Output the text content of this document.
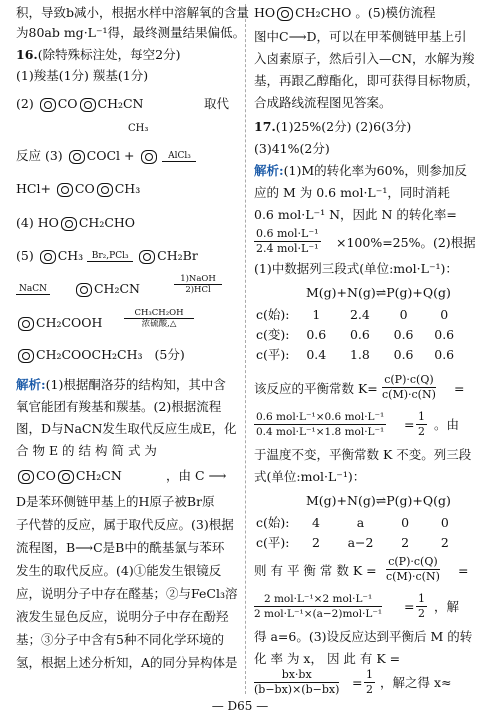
积，导致b减小，根据水样中溶解氧的含量
为80ab mg·L⁻¹得，最终测量结果偏低。
16.(除特殊标注处，每空2分)
(1)羧基(1分) 羰基(1分)
(2) CO CH₂CN	取代
CH₃
反应 (3) COCl +	AlCl₃
HCl+ CO CH₃
(4) HO CH₂CHO
(5) CH₃ Br₂,PCl₃ CH₂Br
NaCN	CH₂CN
1)NaOH
2)HCl
CH₂COOH
CH₃CH₂OH
浓硫酸,△
CH₂COOCH₂CH₃ (5分)
解析:(1)根据酮洛芬的结构知，其中含
氧官能团有羧基和羰基。(2)根据流程
图，D与NaCN发生取代反应生成E，化
合 物 E 的 结 构 简 式 为
CO CH₂CN	，由 C ⟶
D是苯环侧链甲基上的H原子被Br原
子代替的反应，属于取代反应。(3)根据
流程图，B⟶C是B中的酰基氯与苯环
发生的取代反应。(4)①能发生银镜反
应，说明分子中存在醛基；②与FeCl₃溶
液发生显色反应，说明分子中存在酚羟
基；③分子中含有5种不同化学环境的
氢，根据上述分析知，A的同分异构体是
HO CH₂CHO 。(5)模仿流程
图中C⟶D，可以在甲苯侧链甲基上引
入卤素原子，然后引入—CN，水解为羧
基，再跟乙醇酯化，即可获得目标物质，
合成路线流程图见答案。
17.(1)25%(2分) (2)6(3分)
(3)41%(2分)
解析:(1)M的转化率为60%，则参加反
应的 M 为 0.6 mol·L⁻¹，同时消耗
0.6 mol·L⁻¹ N，因此 N 的转化率=
0.6 mol·L⁻¹
2.4 mol·L⁻¹ ×100%=25%。(2)根据
(1)中数据列三段式(单位:mol·L⁻¹)：
M(g)+N(g)⇌P(g)+Q(g)
c(始):	1	2.4	0	0
c(变):	0.6	0.6	0.6	0.6
c(平):	0.4	1.8	0.6	0.6
该反应的平衡常数 $K= \frac{c(P)\cdot c(Q)}{c(M)\cdot c(N)}$ =
0.6 mol·L⁻¹×0.6 mol·L⁻¹
0.4 mol·L⁻¹×1.8 $mol\cdot L^{-1} = \frac{1}{2}$ 。由
于温度不变，平衡常数 K 不变。列三段
式(单位:mol·L⁻¹)：
M(g)+N(g)⇌P(g)+Q(g)
c(始):	4	a	0	0
c(平):	2	a−2	2	2
则 有 平 衡 常 数 $K = \frac{c(P)\cdot c(Q)}{c(M)\cdot c(N)}$ =
2 mol·L⁻¹×2 mol·L⁻¹
2 $mol\cdot L^{-1}\times(a-2)mol\cdot L^{-1} = \frac{1}{2}$ ，解
得 a=6。(3)设反应达到平衡后 M 的转
化 率 为 x， 因 此 有 K =
$\frac{bx\cdot bx}{(b-bx)\times(b-bx)} = \frac{1}{2}$ ，解之得 x≈
— D65 —
